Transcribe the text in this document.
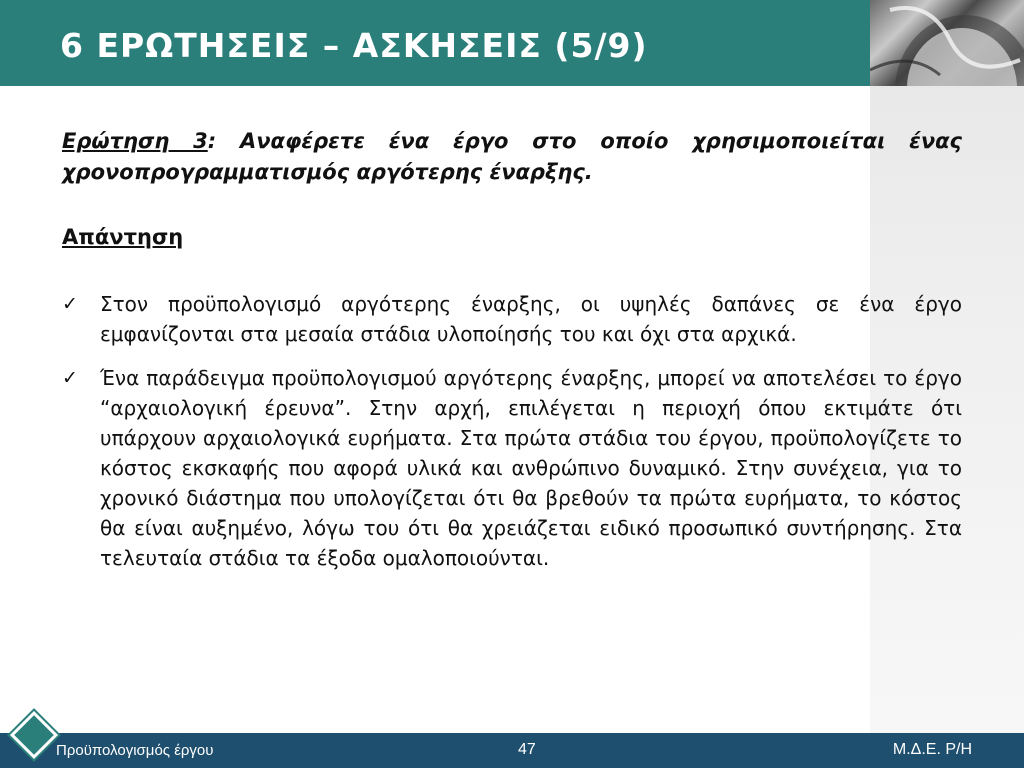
6 ΕΡΩΤΗΣΕΙΣ – ΑΣΚΗΣΕΙΣ (5/9)

Ερώτηση 3: Αναφέρετε ένα έργο στο οποίο χρησιμοποιείται ένας χρονοπρογραμματισμός αργότερης έναρξης.

Απάντηση
✓ Στον προϋπολογισμό αργότερης έναρξης, οι υψηλές δαπάνες σε ένα έργο εμφανίζονται στα μεσαία στάδια υλοποίησής του και όχι στα αρχικά.
✓ Ένα παράδειγμα προϋπολογισμού αργότερης έναρξης, μπορεί να αποτελέσει το έργο “αρχαιολογική έρευνα”. Στην αρχή, επιλέγεται η περιοχή όπου εκτιμάτε ότι υπάρχουν αρχαιολογικά ευρήματα. Στα πρώτα στάδια του έργου, προϋπολογίζετε το κόστος εκσκαφής που αφορά υλικά και ανθρώπινο δυναμικό. Στην συνέχεια, για το χρονικό διάστημα που υπολογίζεται ότι θα βρεθούν τα πρώτα ευρήματα, το κόστος θα είναι αυξημένο, λόγω του ότι θα χρειάζεται ειδικό προσωπικό συντήρησης. Στα τελευταία στάδια τα έξοδα ομαλοποιούνται.
Προϋπολογισμός έργου	47	Μ.Δ.Ε. Ρ/Η
